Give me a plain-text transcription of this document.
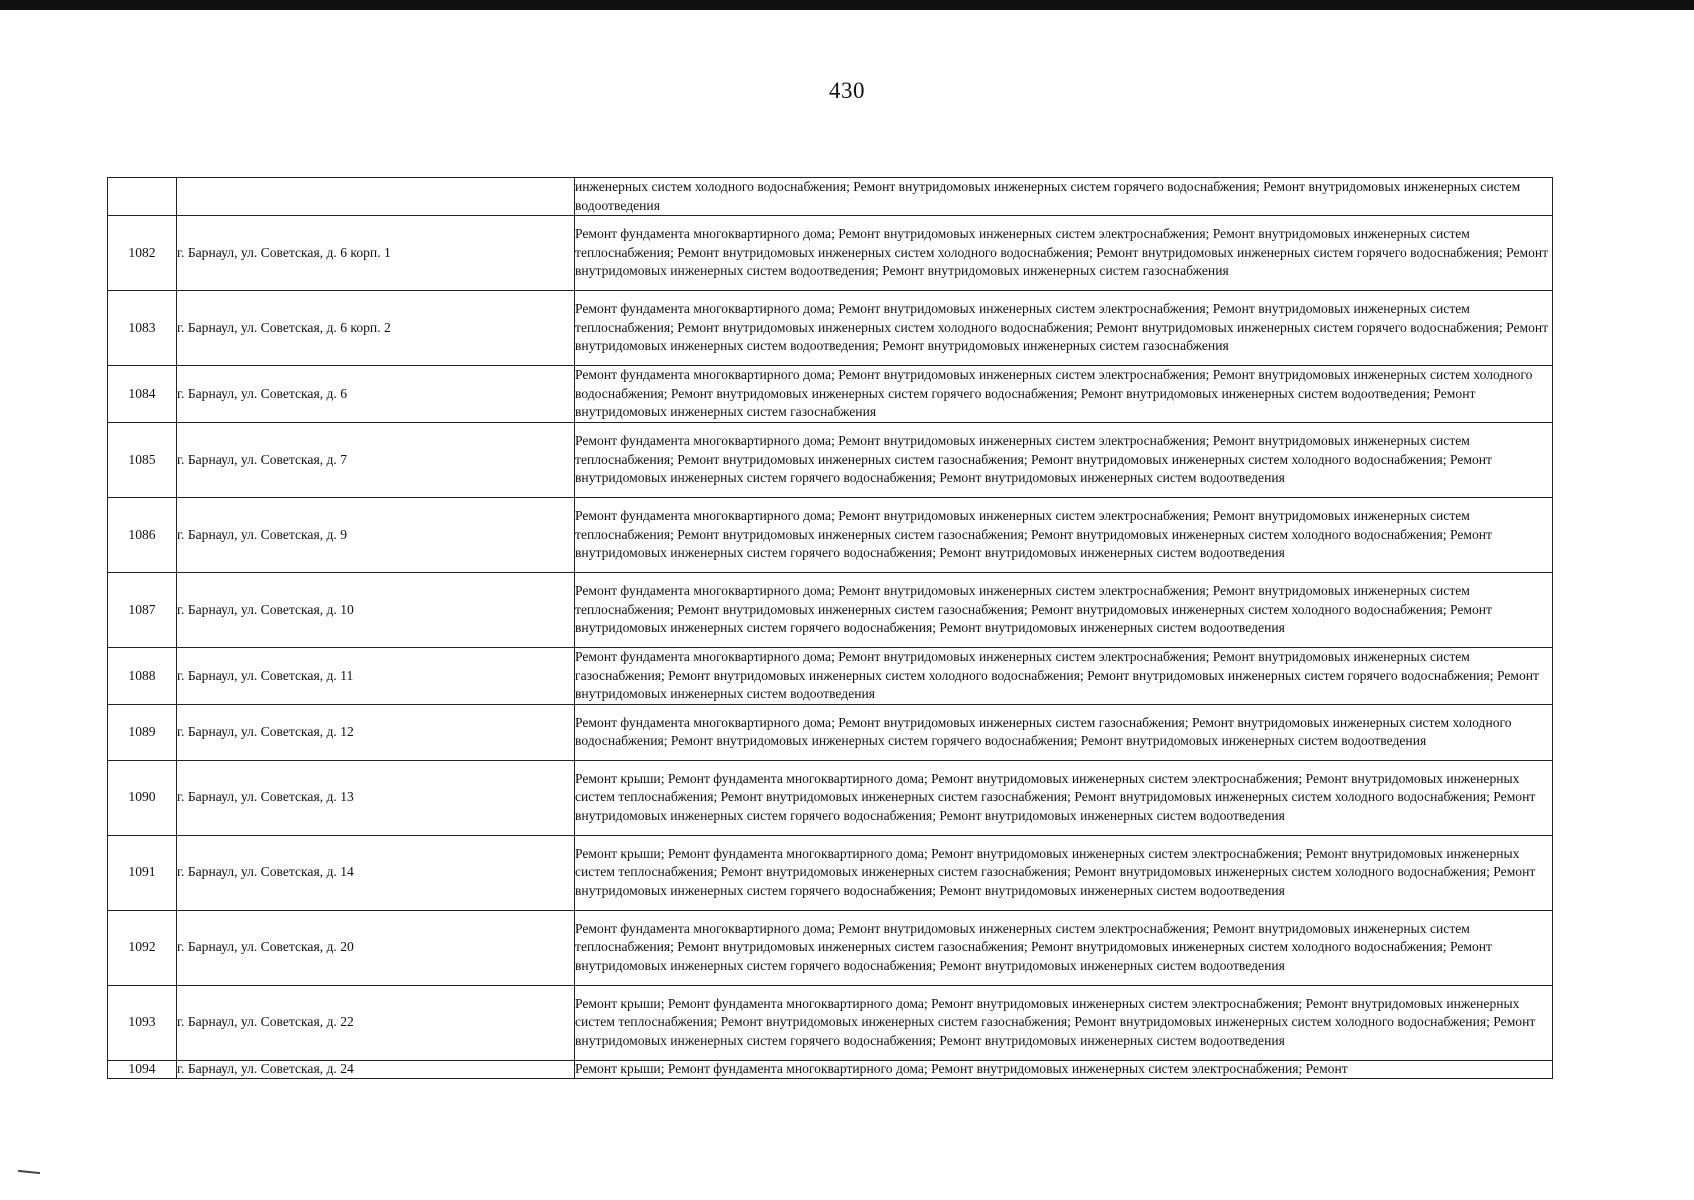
430
		инженерных систем холодного водоснабжения; Ремонт внутридомовых инженерных систем горячего водоснабжения; Ремонт внутридомовых инженерных систем водоотведения
1082	г. Барнаул, ул. Советская, д. 6 корп. 1	Ремонт фундамента многоквартирного дома; Ремонт внутридомовых инженерных систем электроснабжения; Ремонт внутридомовых инженерных систем теплоснабжения; Ремонт внутридомовых инженерных систем холодного водоснабжения; Ремонт внутридомовых инженерных систем горячего водоснабжения; Ремонт внутридомовых инженерных систем водоотведения; Ремонт внутридомовых инженерных систем газоснабжения
1083	г. Барнаул, ул. Советская, д. 6 корп. 2	Ремонт фундамента многоквартирного дома; Ремонт внутридомовых инженерных систем электроснабжения; Ремонт внутридомовых инженерных систем теплоснабжения; Ремонт внутридомовых инженерных систем холодного водоснабжения; Ремонт внутридомовых инженерных систем горячего водоснабжения; Ремонт внутридомовых инженерных систем водоотведения; Ремонт внутридомовых инженерных систем газоснабжения
1084	г. Барнаул, ул. Советская, д. 6	Ремонт фундамента многоквартирного дома; Ремонт внутридомовых инженерных систем электроснабжения; Ремонт внутридомовых инженерных систем холодного водоснабжения; Ремонт внутридомовых инженерных систем горячего водоснабжения; Ремонт внутридомовых инженерных систем водоотведения; Ремонт внутридомовых инженерных систем газоснабжения
1085	г. Барнаул, ул. Советская, д. 7	Ремонт фундамента многоквартирного дома; Ремонт внутридомовых инженерных систем электроснабжения; Ремонт внутридомовых инженерных систем теплоснабжения; Ремонт внутридомовых инженерных систем газоснабжения; Ремонт внутридомовых инженерных систем холодного водоснабжения; Ремонт внутридомовых инженерных систем горячего водоснабжения; Ремонт внутридомовых инженерных систем водоотведения
1086	г. Барнаул, ул. Советская, д. 9	Ремонт фундамента многоквартирного дома; Ремонт внутридомовых инженерных систем электроснабжения; Ремонт внутридомовых инженерных систем теплоснабжения; Ремонт внутридомовых инженерных систем газоснабжения; Ремонт внутридомовых инженерных систем холодного водоснабжения; Ремонт внутридомовых инженерных систем горячего водоснабжения; Ремонт внутридомовых инженерных систем водоотведения
1087	г. Барнаул, ул. Советская, д. 10	Ремонт фундамента многоквартирного дома; Ремонт внутридомовых инженерных систем электроснабжения; Ремонт внутридомовых инженерных систем теплоснабжения; Ремонт внутридомовых инженерных систем газоснабжения; Ремонт внутридомовых инженерных систем холодного водоснабжения; Ремонт внутридомовых инженерных систем горячего водоснабжения; Ремонт внутридомовых инженерных систем водоотведения
1088	г. Барнаул, ул. Советская, д. 11	Ремонт фундамента многоквартирного дома; Ремонт внутридомовых инженерных систем электроснабжения; Ремонт внутридомовых инженерных систем газоснабжения; Ремонт внутридомовых инженерных систем холодного водоснабжения; Ремонт внутридомовых инженерных систем горячего водоснабжения; Ремонт внутридомовых инженерных систем водоотведения
1089	г. Барнаул, ул. Советская, д. 12	Ремонт фундамента многоквартирного дома; Ремонт внутридомовых инженерных систем газоснабжения; Ремонт внутридомовых инженерных систем холодного водоснабжения; Ремонт внутридомовых инженерных систем горячего водоснабжения; Ремонт внутридомовых инженерных систем водоотведения
1090	г. Барнаул, ул. Советская, д. 13	Ремонт крыши; Ремонт фундамента многоквартирного дома; Ремонт внутридомовых инженерных систем электроснабжения; Ремонт внутридомовых инженерных систем теплоснабжения; Ремонт внутридомовых инженерных систем газоснабжения; Ремонт внутридомовых инженерных систем холодного водоснабжения; Ремонт внутридомовых инженерных систем горячего водоснабжения; Ремонт внутридомовых инженерных систем водоотведения
1091	г. Барнаул, ул. Советская, д. 14	Ремонт крыши; Ремонт фундамента многоквартирного дома; Ремонт внутридомовых инженерных систем электроснабжения; Ремонт внутридомовых инженерных систем теплоснабжения; Ремонт внутридомовых инженерных систем газоснабжения; Ремонт внутридомовых инженерных систем холодного водоснабжения; Ремонт внутридомовых инженерных систем горячего водоснабжения; Ремонт внутридомовых инженерных систем водоотведения
1092	г. Барнаул, ул. Советская, д. 20	Ремонт фундамента многоквартирного дома; Ремонт внутридомовых инженерных систем электроснабжения; Ремонт внутридомовых инженерных систем теплоснабжения; Ремонт внутридомовых инженерных систем газоснабжения; Ремонт внутридомовых инженерных систем холодного водоснабжения; Ремонт внутридомовых инженерных систем горячего водоснабжения; Ремонт внутридомовых инженерных систем водоотведения
1093	г. Барнаул, ул. Советская, д. 22	Ремонт крыши; Ремонт фундамента многоквартирного дома; Ремонт внутридомовых инженерных систем электроснабжения; Ремонт внутридомовых инженерных систем теплоснабжения; Ремонт внутридомовых инженерных систем газоснабжения; Ремонт внутридомовых инженерных систем холодного водоснабжения; Ремонт внутридомовых инженерных систем горячего водоснабжения; Ремонт внутридомовых инженерных систем водоотведения
1094	г. Барнаул, ул. Советская, д. 24	Ремонт крыши; Ремонт фундамента многоквартирного дома; Ремонт внутридомовых инженерных систем электроснабжения; Ремонт
